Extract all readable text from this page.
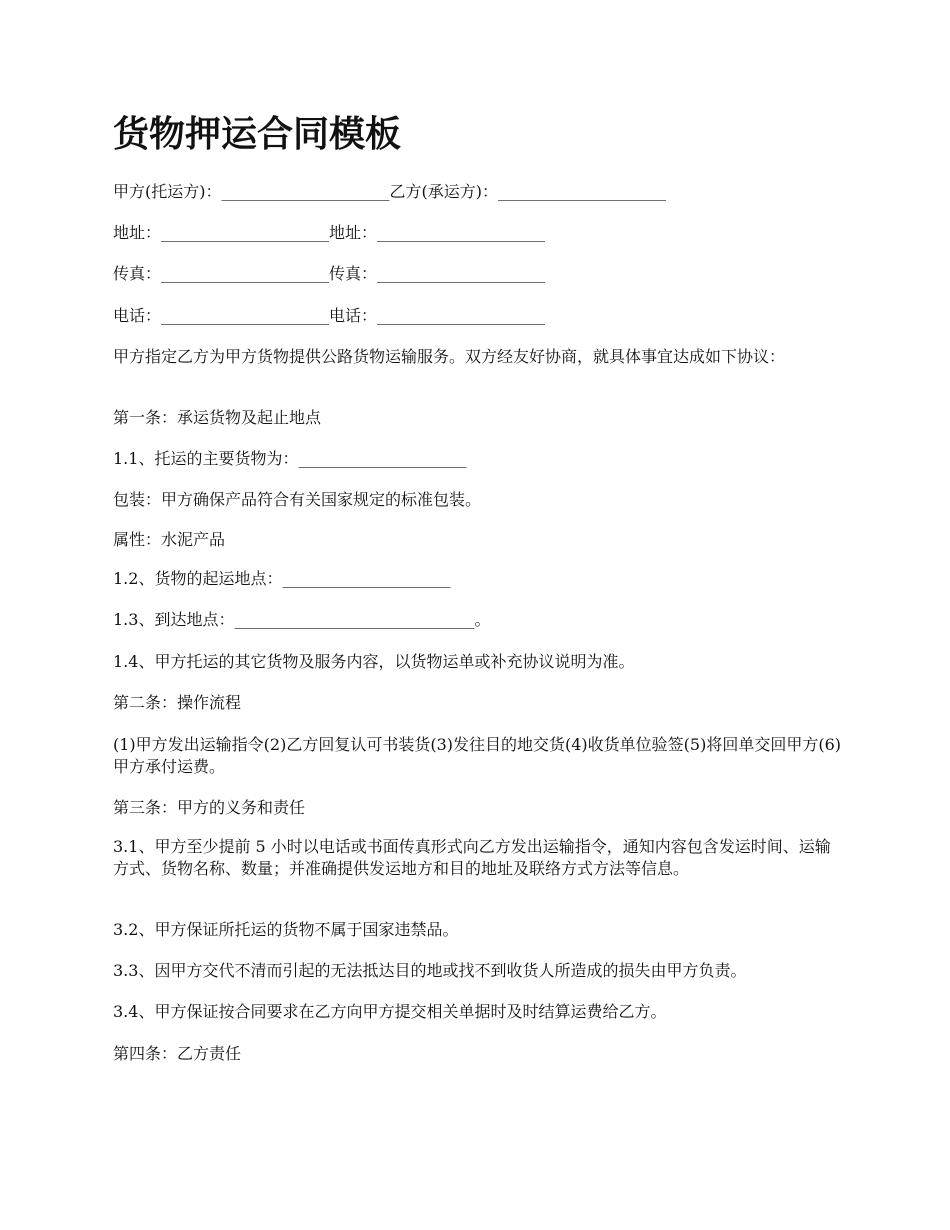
货物押运合同模板

甲方(托运方)：_____________________乙方(承运方)：_____________________

地址：_____________________地址：_____________________

传真：_____________________传真：_____________________

电话：_____________________电话：_____________________

甲方指定乙方为甲方货物提供公路货物运输服务。双方经友好协商，就具体事宜达成如下协议：

第一条：承运货物及起止地点

1.1、托运的主要货物为：_____________________

包装：甲方确保产品符合有关国家规定的标准包装。

属性：水泥产品

1.2、货物的起运地点：_____________________

1.3、到达地点：______________________________。

1.4、甲方托运的其它货物及服务内容，以货物运单或补充协议说明为准。

第二条：操作流程

(1)甲方发出运输指令(2)乙方回复认可书装货(3)发往目的地交货(4)收货单位验签(5)将回单交回甲方(6)甲方承付运费。

第三条：甲方的义务和责任

3.1、甲方至少提前 5 小时以电话或书面传真形式向乙方发出运输指令，通知内容包含发运时间、运输方式、货物名称、数量；并准确提供发运地方和目的地址及联络方式方法等信息。

3.2、甲方保证所托运的货物不属于国家违禁品。

3.3、因甲方交代不清而引起的无法抵达目的地或找不到收货人所造成的损失由甲方负责。

3.4、甲方保证按合同要求在乙方向甲方提交相关单据时及时结算运费给乙方。

第四条：乙方责任
